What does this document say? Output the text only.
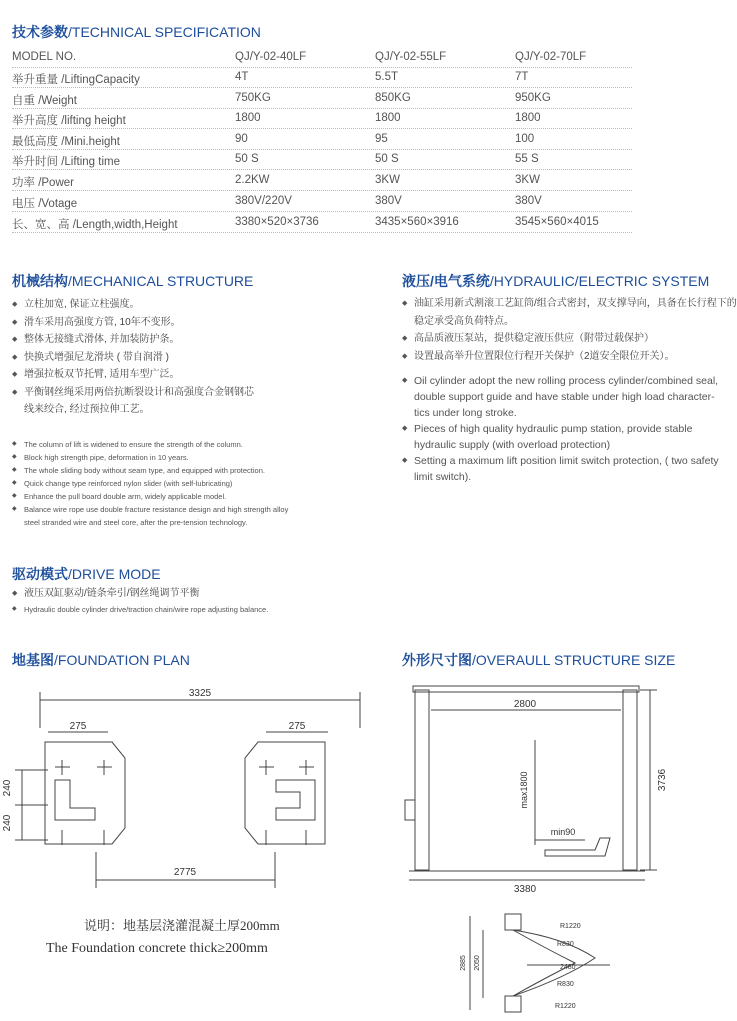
技术参数/TECHNICAL SPECIFICATION
MODEL NO.	QJ/Y-02-40LF	QJ/Y-02-55LF	QJ/Y-02-70LF
举升重量 /LiftingCapacity	4T	5.5T	7T
自重 /Weight	750KG	850KG	950KG
举升高度 /lifting height	1800	1800	1800
最低高度 /Mini.height	90	95	100
举升时间 /Lifting time	50 S	50 S	55 S
功率 /Power	2.2KW	3KW	3KW
电压 /Votage	380V/220V	380V	380V
长、宽、高 /Length,width,Height	3380×520×3736	3435×560×3916	3545×560×4015
机械结构/MECHANICAL STRUCTURE
◆ 立柱加宽, 保证立柱强度。
◆ 滑车采用高强度方管, 10年不变形。
◆ 整体无接缝式滑体, 并加装防护条。
◆ 快换式增强尼龙滑块 ( 带自润滑 )
◆ 增强拉板双节托臂, 适用车型广泛。
◆ 平衡钢丝绳采用两倍抗断裂设计和高强度合金钢钢芯
线来绞合, 经过预拉伸工艺。
◆ The column of lift is widened to ensure the strength of the column.
◆ Block high strength pipe, deformation in 10 years.
◆ The whole sliding body without seam type, and equipped with protection.
◆ Quick change type reinforced nylon slider (with self-lubricating)
◆ Enhance the pull board double arm, widely applicable model.
◆ Balance wire rope use double fracture resistance design and high strength alloy
steel stranded wire and steel core, after the pre-tension technology.
液压/电气系统/HYDRAULIC/ELECTRIC SYSTEM
◆ 油缸采用新式割滚工艺缸筒/组合式密封，双支撑导向，具备在长行程下的
稳定承受高负荷特点。
◆ 高品质液压泵站，提供稳定液压供应（附带过载保护）
◆ 设置最高举升位置限位行程开关保护（2道安全限位开关）。
◆ Oil cylinder adopt the new rolling process cylinder/combined seal,
double support guide and have stable under high load character-
tics under long stroke.
◆ Pieces of high quality hydraulic pump station, provide stable
hydraulic supply (with overload protection)
◆ Setting a maximum lift position limit switch protection, ( two safety
limit switch).
驱动模式/DRIVE MODE
◆ 液压双缸驱动/链条牵引/钢丝绳调节平衡
◆ Hydraulic double cylinder drive/traction chain/wire rope adjusting balance.
地基图/FOUNDATION PLAN
3325
275	275
240
240
2775
说明：地基层浇灌混凝土厚200mm
The Foundation concrete thick≥200mm
外形尺寸图/OVERAULL STRUCTURE SIZE
2800
3736
max1800
min90
3380
R1220
R830
2480
R830
R1220
2885 2050
